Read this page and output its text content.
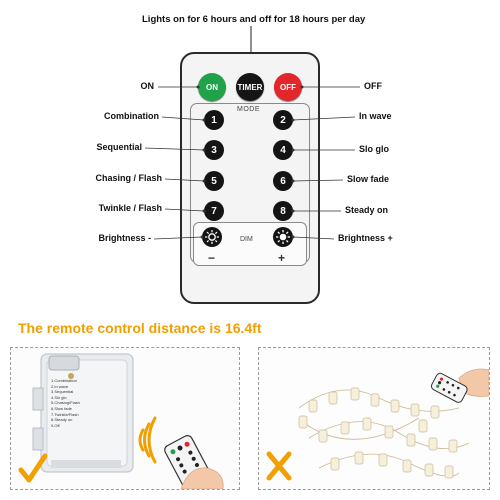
Lights on for 6 hours and off for 18 hours per day
ON TIMER OFF
MODE
1	2
3	4
5	6
7	8
DIM
−	+
ON	OFF
Combination	In wave
Sequential	Slo glo
Chasing / Flash	Slow fade
Twinkle / Flash	Steady on
Brightness -	Brightness +
The remote control distance is 16.4ft
1.Combination
2.In wave
3.Sequential
4.Slo glo
5.Chasing/Flash
6.Slow fade
7.Twinkle/Flash
8.Steady on
9.Off
